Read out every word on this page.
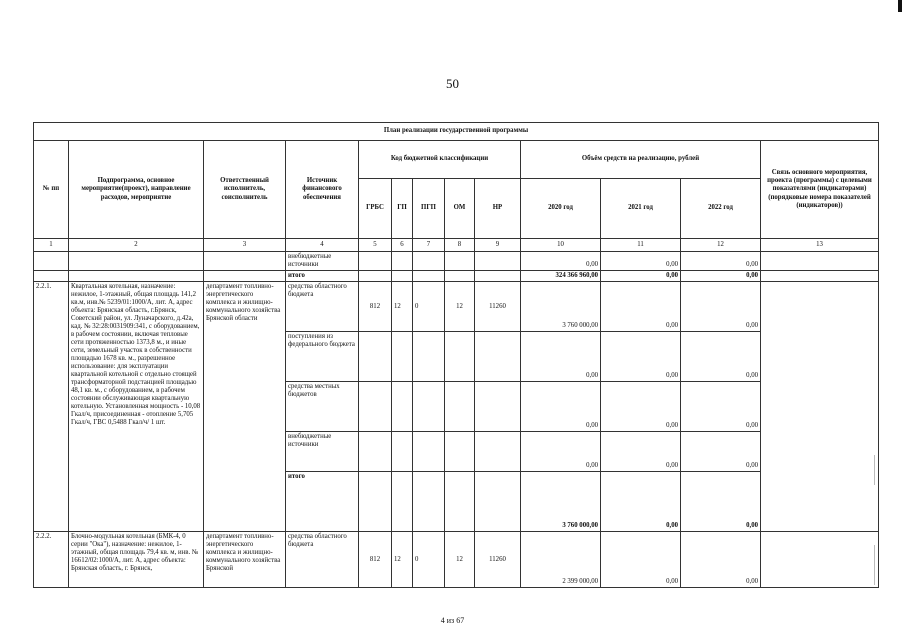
50
План реализации государственной программы												
№ пп	Подпрограмма, основное мероприятие(проект), направление расходов, мероприятие	Ответственный исполнитель, соисполнитель	Источник финансового обеспечения	Код бюджетной классификации					Объём средств на реализацию, рублей			Связь основного мероприятия, проекта (программы) с целевыми показателями (индикаторами) (порядковые номера показателей (индикаторов))
				ГРБС	ГП	ПГП	ОМ	НР	2020 год	2021 год	2022 год	
1	2	3	4	5	6	7	8	9	10	11	12	13
			внебюджетные источники						0,00	0,00	0,00	
			итого						324 366 960,00	0,00	0,00	
2.2.1.	Квартальная котельная, назначение: нежилое, 1-этажный, общая площадь 141,2 кв.м, инв.№ 5239/01:1000/А, лит. А, адрес объекта: Брянская область, г.Брянск, Советский район, ул. Луначарского, д.42а, кад. № 32:28:0031909:341, с оборудованием, в рабочем состоянии, включая тепловые сети протяженностью 1373,8 м., и иные сети, земельный участок в собственности площадью 1678 кв. м., разрешенное использование: для эксплуатации квартальной котельной с отдельно стоящей трансформаторной подстанцией площадью 48,1 кв. м., с оборудованием, в рабочем состоянии обслуживающая квартальную котельную. Установленная мощность - 10,08 Гкал/ч, присоединенная - отопление 5,705 Гкал/ч, ГВС 0,5488 Гкал/ч/ 1 шт.	департамент топливно-энергетического комплекса и жилищно-коммунального хозяйства Брянской области	средства областного бюджета	812	12	0	12	11260	3 760 000,00	0,00	0,00	
			поступления из федерального бюджета						0,00	0,00	0,00	
			средства местных бюджетов						0,00	0,00	0,00	
			внебюджетные источники						0,00	0,00	0,00	
			итого						3 760 000,00	0,00	0,00	
2.2.2.	Блочно-модульная котельная (БМК-4, 0 серии "Ока"), назначение: нежилое, 1-этажный, общая площадь 79,4 кв. м, инв. № 16612/02:1000/А, лит. А, адрес объекта: Брянская область, г. Брянск,	департамент топливно-энергетического комплекса и жилищно-коммунального хозяйства Брянской	средства областного бюджета	812	12	0	12	11260	2 399 000,00	0,00	0,00	
4 из 67
